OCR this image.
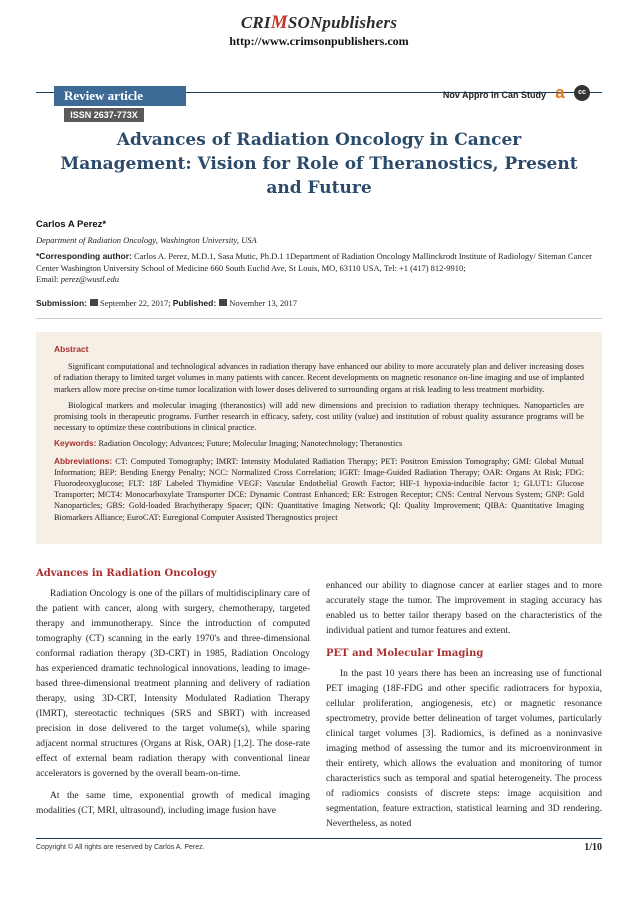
CRIMSONpublishers
http://www.crimsonpublishers.com
Review article
ISSN 2637-773X
Nov Appro in Can Study a	cc
Advances of Radiation Oncology in Cancer Management: Vision for Role of Theranostics, Present and Future
Carlos A Perez*
Department of Radiation Oncology, Washington University, USA
*Corresponding author: Carlos A. Perez, M.D.1, Sasa Mutic, Ph.D.1 1Department of Radiation Oncology Mallinckrodt Institute of Radiology/ Siteman Cancer Center Washington University School of Medicine 660 South Euclid Ave, St Louis, MO, 63110 USA, Tel: +1 (417) 812-9910;
Email: perez@wustl.edu
Submission: September 22, 2017; Published: November 13, 2017
Abstract

Significant computational and technological advances in radiation therapy have enhanced our ability to more accurately plan and deliver increasing doses of radiation therapy to limited target volumes in many patients with cancer. Recent developments on magnetic resonance on-line imaging and use of implanted markers allow more precise on-time tumor localization with lower doses delivered to surrounding organs at risk leading to less treatment morbidity.

Biological markers and molecular imaging (theranostics) will add new dimensions and precision to radiation therapy techniques. Nanoparticles are promising tools in therapeutic programs. Further research in efficacy, safety, cost utility (value) and institution of robust quality assurance programs will be necessary to optimize these contributions in clinical practice.

Keywords: Radiation Oncology; Advances; Future; Molecular Imaging; Nanotechnology; Theranostics
Abbreviations: CT: Computed Tomography; IMRT: Intensity Modulated Radiation Therapy; PET: Positron Emission Tomography; GMI: Global Mutual Information; BEP: Bending Energy Penalty; NCC: Normalized Cross Correlation; IGRT: Image-Guided Radiation Therapy; OAR: Organs At Risk; FDG: Fluorodeoxyglucose; FLT: 18F Labeled Thymidine VEGF: Vascular Endothelial Growth Factor; HIF-1 hypoxia-inducible factor 1; GLUT1: Glucose Transporter; MCT4: Monocarboxylate Transporter DCE: Dynamic Contrast Enhanced; ER: Estrogen Receptor; CNS: Central Nervous System; GNP: Gold Nanoparticles; GBS: Gold-loaded Brachytherapy Spacer; QIN: Quantitative Imaging Network; QI: Quality Improvement; QIBA: Quantitative Imaging Biomarkers Alliance; EuroCAT: Euregional Computer Assisted Theragnostics project
Advances in Radiation Oncology

Radiation Oncology is one of the pillars of multidisciplinary care of the patient with cancer, along with surgery, chemotherapy, targeted therapy and immunotherapy. Since the introduction of computed tomography (CT) scanning in the early 1970's and three-dimensional conformal radiation therapy (3D-CRT) in 1985, Radiation Oncology has experienced dramatic technological innovations, leading to image-based three-dimensional treatment planning and delivery of radiation therapy, using 3D-CRT, Intensity Modulated Radiation Therapy (IMRT), stereotactic techniques (SRS and SBRT) with increased precision in dose delivered to the target volume(s), while sparing adjacent normal structures (Organs at Risk, OAR) [1,2]. The dose-rate effect of external beam radiation therapy with conventional linear accelerators is governed by the overall beam-on-time.

At the same time, exponential growth of medical imaging modalities (CT, MRI, ultrasound), including image fusion have

enhanced our ability to diagnose cancer at earlier stages and to more accurately stage the tumor. The improvement in staging accuracy has enabled us to better tailor therapy based on the characteristics of the individual patient and tumor features and extent.

PET and Molecular Imaging

In the past 10 years there has been an increasing use of functional PET imaging (18F-FDG and other specific radiotracers for hypoxia, cellular proliferation, angiogenesis, etc) or magnetic resonance spectrometry, provide better delineation of target volumes, particularly clinical target volumes [3]. Radiomics, is defined as a noninvasive imaging method of assessing the tumor and its microenvironment in their entirety, which allows the evaluation and monitoring of tumor characteristics such as temporal and spatial heterogeneity. The process of radiomics consists of discrete steps: image acquisition and segmentation, feature extraction, statistical learning and 3D rendering. Nevertheless, as noted

Copyright © All rights are reserved by Carlos A. Perez.	1/10
